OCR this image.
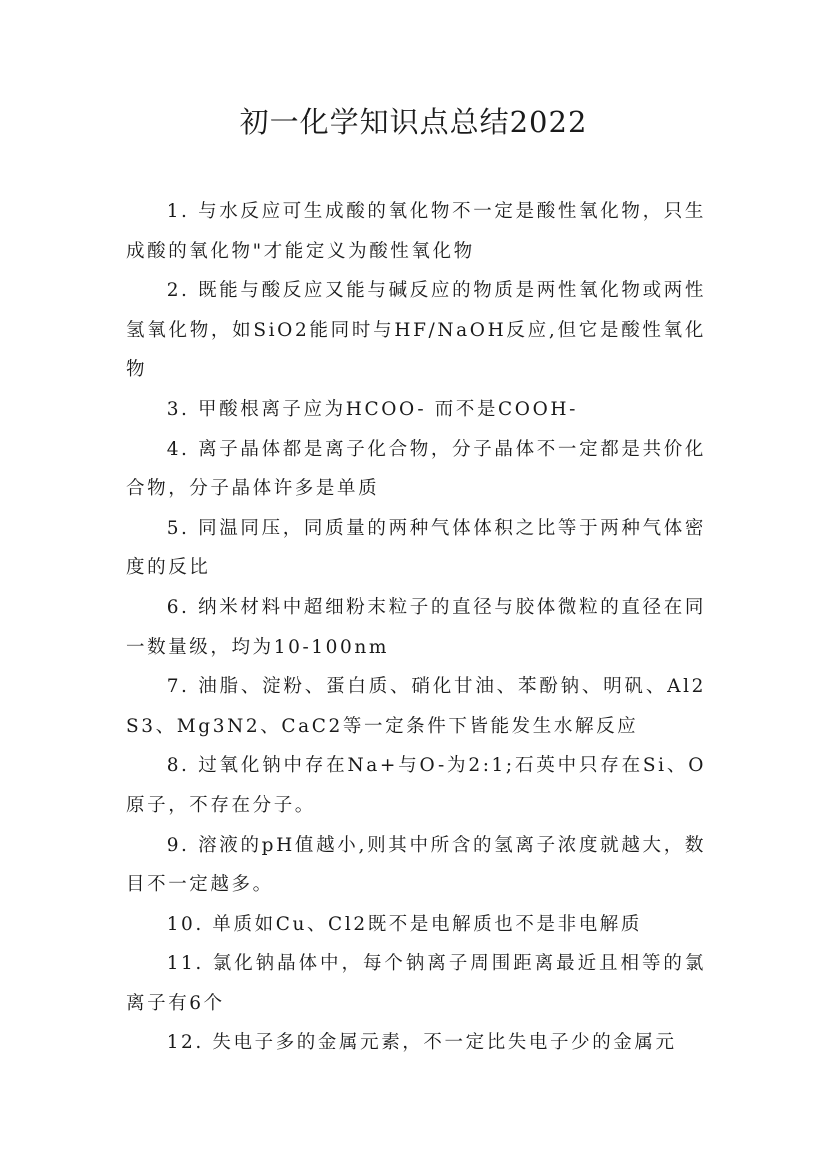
初一化学知识点总结2022

1. 与水反应可生成酸的氧化物不一定是酸性氧化物，只生成酸的氧化物"才能定义为酸性氧化物

2. 既能与酸反应又能与碱反应的物质是两性氧化物或两性氢氧化物，如SiO2能同时与HF/NaOH反应,但它是酸性氧化物

3. 甲酸根离子应为HCOO- 而不是COOH-

4. 离子晶体都是离子化合物，分子晶体不一定都是共价化合物，分子晶体许多是单质

5. 同温同压，同质量的两种气体体积之比等于两种气体密度的反比

6. 纳米材料中超细粉末粒子的直径与胶体微粒的直径在同一数量级，均为10-100nm

7. 油脂、淀粉、蛋白质、硝化甘油、苯酚钠、明矾、Al2S3、Mg3N2、CaC2等一定条件下皆能发生水解反应

8. 过氧化钠中存在Na+与O-为2:1;石英中只存在Si、O原子，不存在分子。

9. 溶液的pH值越小,则其中所含的氢离子浓度就越大，数目不一定越多。

10. 单质如Cu、Cl2既不是电解质也不是非电解质

11. 氯化钠晶体中，每个钠离子周围距离最近且相等的氯离子有6个

12. 失电子多的金属元素，不一定比失电子少的金属元
